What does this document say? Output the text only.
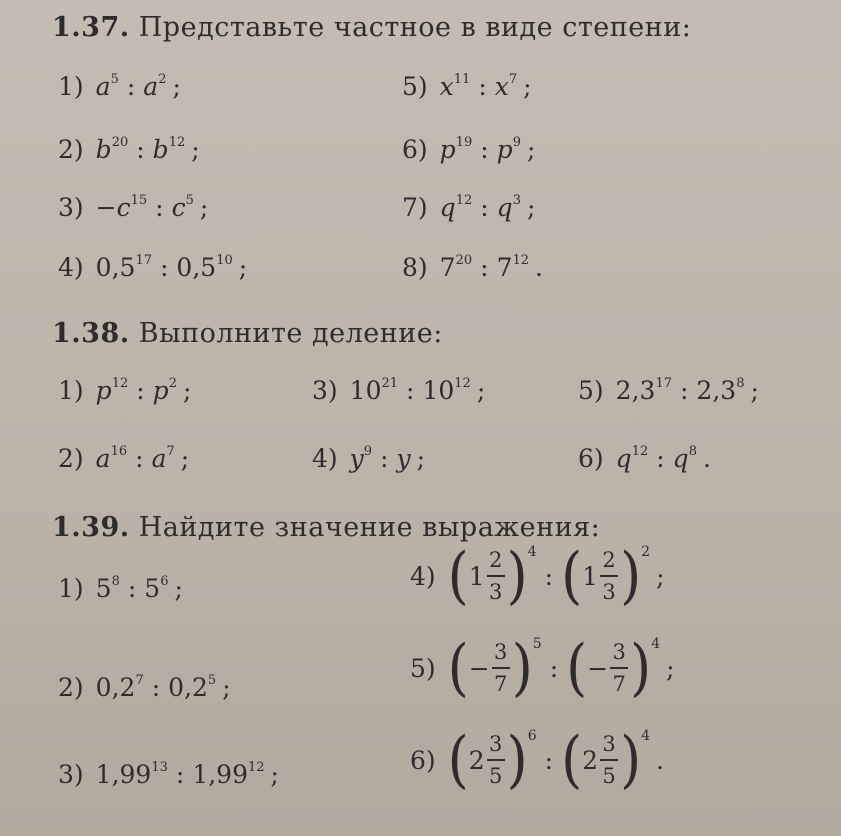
1.37. Представьте частное в виде степени:
1) $a^5$ : $a^2$ ;
2) $b^{20}$ : $b^{12}$ ;
$3) -c^{15}$ : $c^5$ ;
4) $0,5^{17}$ : $0,5^{10}$ ;
5) $x^{11}$ : $x^7$ ;
6) $p^{19}$ : $p^9$ ;
7) $q^{12}$ : $q^3$ ;
8) $7^{20}$ : $7^{12}$ .
1.38. Выполните деление:
1) $p^{12}$ : $p^2$ ;
2) $a^{16}$ : $a^7$ ;
3) $10^{21}$ : $10^{12}$ ;
4) $y^9$ : y ;
5) $2,3^{17}$ : $2,3^8$ ;
6) $q^{12}$ : $q^8$ .
1.39. Найдите значение выражения:
1) $5^8$ : $5^6$ ;
2) $0,2^7$ : $0,2^5$ ;
3) 1,99$^{13}$ : 1,99$^{12}$ ;
4) ( $1 \frac{2}{3}$ ) 4
: ( $1 \frac{2}{3}$ ) 2
;
5) ( − $\frac{3}{7}$ ) 5
: ( − $\frac{3}{7}$ ) 4
;
6) ( $2 \frac{3}{5}$ ) 6
: ( $2 \frac{3}{5}$ ) 4
.
